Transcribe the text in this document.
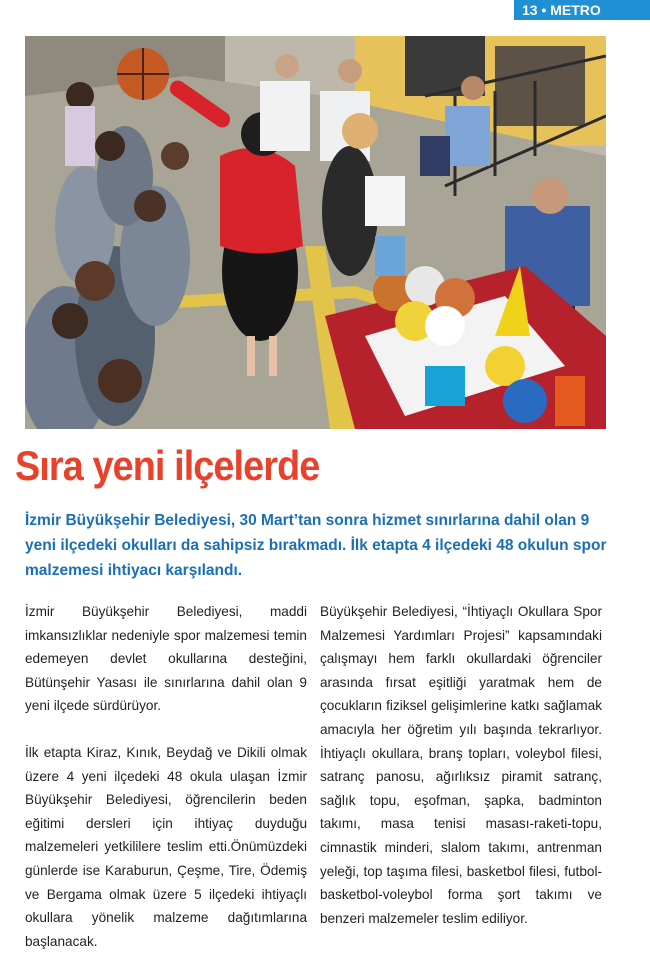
13 • METRO
Sıra yeni ilçelerde
İzmir Büyükşehir Belediyesi, 30 Mart’tan sonra hizmet sınırlarına dahil olan 9 yeni ilçedeki okulları da sahipsiz bırakmadı. İlk etapta 4 ilçedeki 48 okulun spor malzemesi ihtiyacı karşılandı.

İzmir Büyükşehir Belediyesi, maddi imkansızlıklar nedeniyle spor malzemesi temin edemeyen devlet okullarına desteğini, Bütünşehir Yasası ile sınırlarına dahil olan 9 yeni ilçede sürdürüyor.

İlk etapta Kiraz, Kınık, Beydağ ve Dikili olmak üzere 4 yeni ilçedeki 48 okula ulaşan İzmir Büyükşehir Belediyesi, öğrencilerin beden eğitimi dersleri için ihtiyaç duyduğu malzemeleri yetkililere teslim etti.Önümüzdeki günlerde ise Karaburun, Çeşme, Tire, Ödemiş ve Bergama olmak üzere 5 ilçedeki ihtiyaçlı okullara yönelik malzeme dağıtımlarına başlanacak.

Büyükşehir Belediyesi, “İhtiyaçlı Okullara Spor Malzemesi Yardımları Projesi” kapsamındaki çalışmayı hem farklı okullardaki öğrenciler arasında fırsat eşitliği yaratmak hem de çocukların fiziksel gelişimlerine katkı sağlamak amacıyla her öğretim yılı başında tekrarlıyor. İhtiyaçlı okullara, branş topları, voleybol filesi, satranç panosu, ağırlıksız piramit satranç, sağlık topu, eşofman, şapka, badminton takımı, masa tenisi masası-raketi-topu, cimnastik minderi, slalom takımı, antrenman yeleği, top taşıma filesi, basketbol filesi, futbol-basketbol-voleybol forma şort takımı ve benzeri malzemeler teslim ediliyor.
